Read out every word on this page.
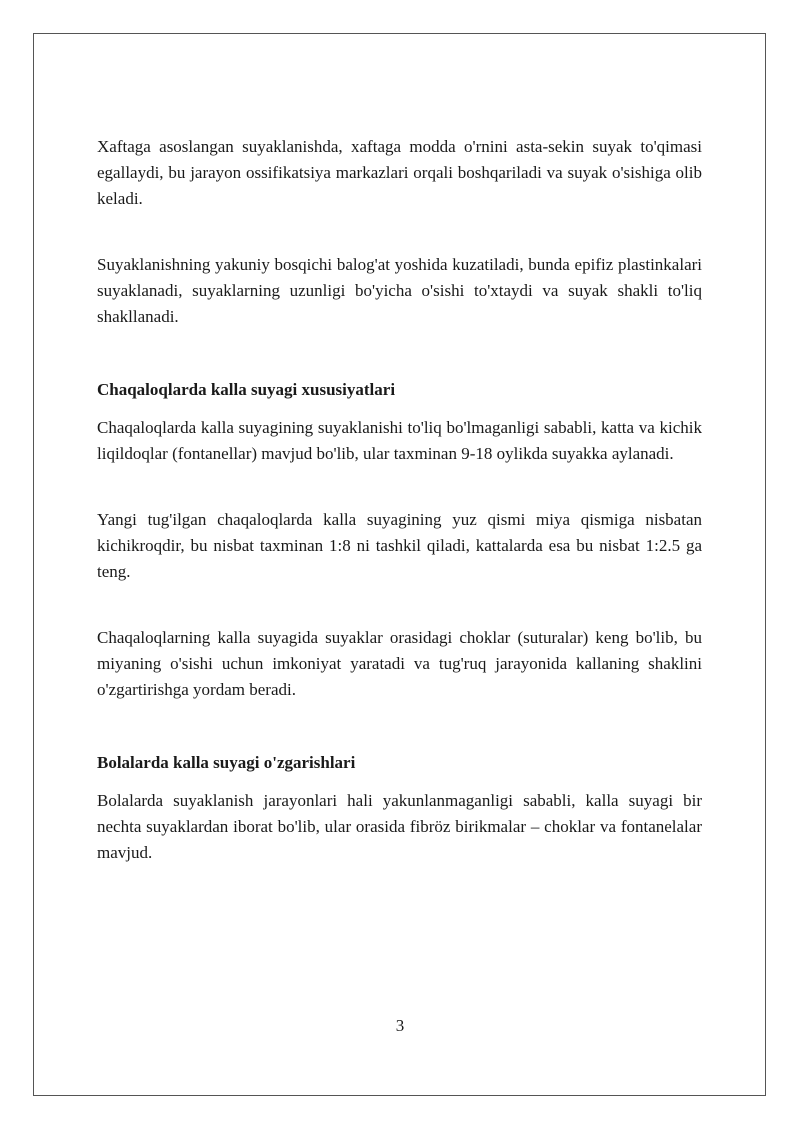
Xaftaga asoslangan suyaklanishda, xaftaga modda o'rnini asta-sekin suyak to'qimasi egallaydi, bu jarayon ossifikatsiya markazlari orqali boshqariladi va suyak o'sishiga olib keladi.

Suyaklanishning yakuniy bosqichi balog'at yoshida kuzatiladi, bunda epifiz plastinkalari suyaklanadi, suyaklarning uzunligi bo'yicha o'sishi to'xtaydi va suyak shakli to'liq shakllanadi.

Chaqaloqlarda kalla suyagi xususiyatlari

Chaqaloqlarda kalla suyagining suyaklanishi to'liq bo'lmaganligi sababli, katta va kichik liqildoqlar (fontanellar) mavjud bo'lib, ular taxminan 9-18 oylikda suyakka aylanadi.

Yangi tug'ilgan chaqaloqlarda kalla suyagining yuz qismi miya qismiga nisbatan kichikroqdir, bu nisbat taxminan 1:8 ni tashkil qiladi, kattalarda esa bu nisbat 1:2.5 ga teng.

Chaqaloqlarning kalla suyagida suyaklar orasidagi choklar (suturalar) keng bo'lib, bu miyaning o'sishi uchun imkoniyat yaratadi va tug'ruq jarayonida kallaning shaklini o'zgartirishga yordam beradi.

Bolalarda kalla suyagi o'zgarishlari

Bolalarda suyaklanish jarayonlari hali yakunlanmaganligi sababli, kalla suyagi bir nechta suyaklardan iborat bo'lib, ular orasida fibröz birikmalar – choklar va fontanelalar mavjud.

3
